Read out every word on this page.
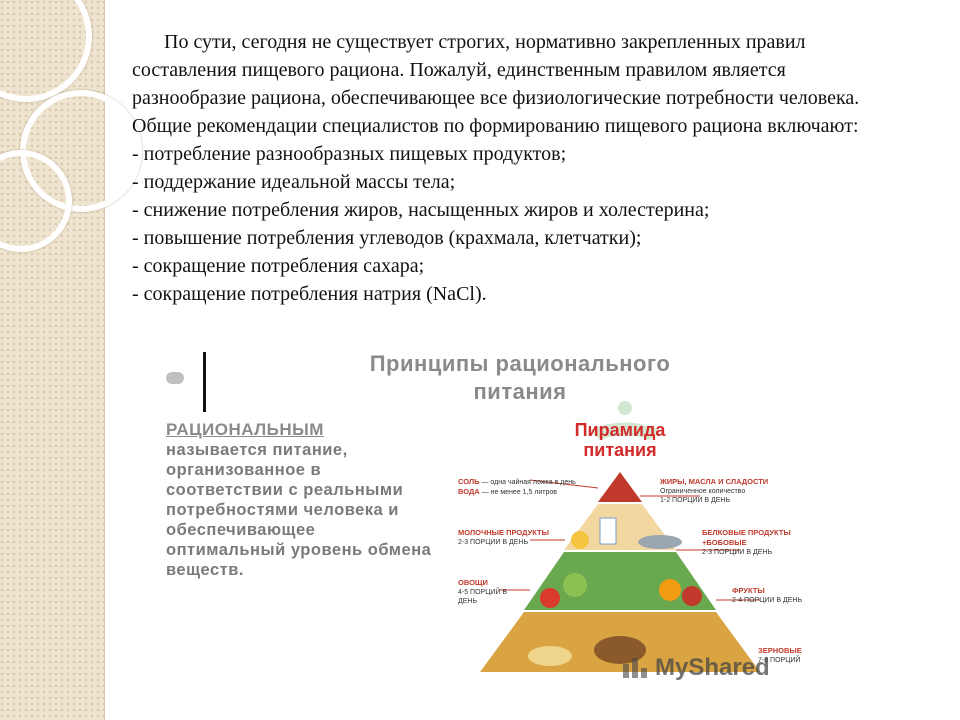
По сути, сегодня не существует строгих, нормативно закрепленных правил составления пищевого рациона. Пожалуй, единственным правилом является разнообразие рациона, обеспечивающее все физиологические потребности человека. Общие рекомендации специалистов по формированию пищевого рациона включают:

- потребление разнообразных пищевых продуктов;
- поддержание идеальной массы тела;
- снижение потребления жиров, насыщенных жиров и холестерина;
- повышение потребления углеводов (крахмала, клетчатки);
- сокращение потребления сахара;
- сокращение потребления натрия (NaCl).
Принципы рационального
питания
РАЦИОНАЛЬНЫМ
называется питание, организованное в соответствии с реальными потребностями человека и обеспечивающее оптимальный уровень обмена веществ.
Пирамида
питания
СОЛЬ — одна чайная ложка в день
ВОДА — не менее 1,5 литров
ЖИРЫ, МАСЛА И СЛАДОСТИ
Ограниченное количество
1-2 ПОРЦИИ В ДЕНЬ
МОЛОЧНЫЕ ПРОДУКТЫ
2-3 ПОРЦИИ В ДЕНЬ
БЕЛКОВЫЕ ПРОДУКТЫ
+БОБОВЫЕ
2-3 ПОРЦИИ В ДЕНЬ
ОВОЩИ
4-5 ПОРЦИЙ В ДЕНЬ
ФРУКТЫ
2-4 ПОРЦИИ В ДЕНЬ
ЗЕРНОВЫЕ
7-8 ПОРЦИЙ
MyShared
